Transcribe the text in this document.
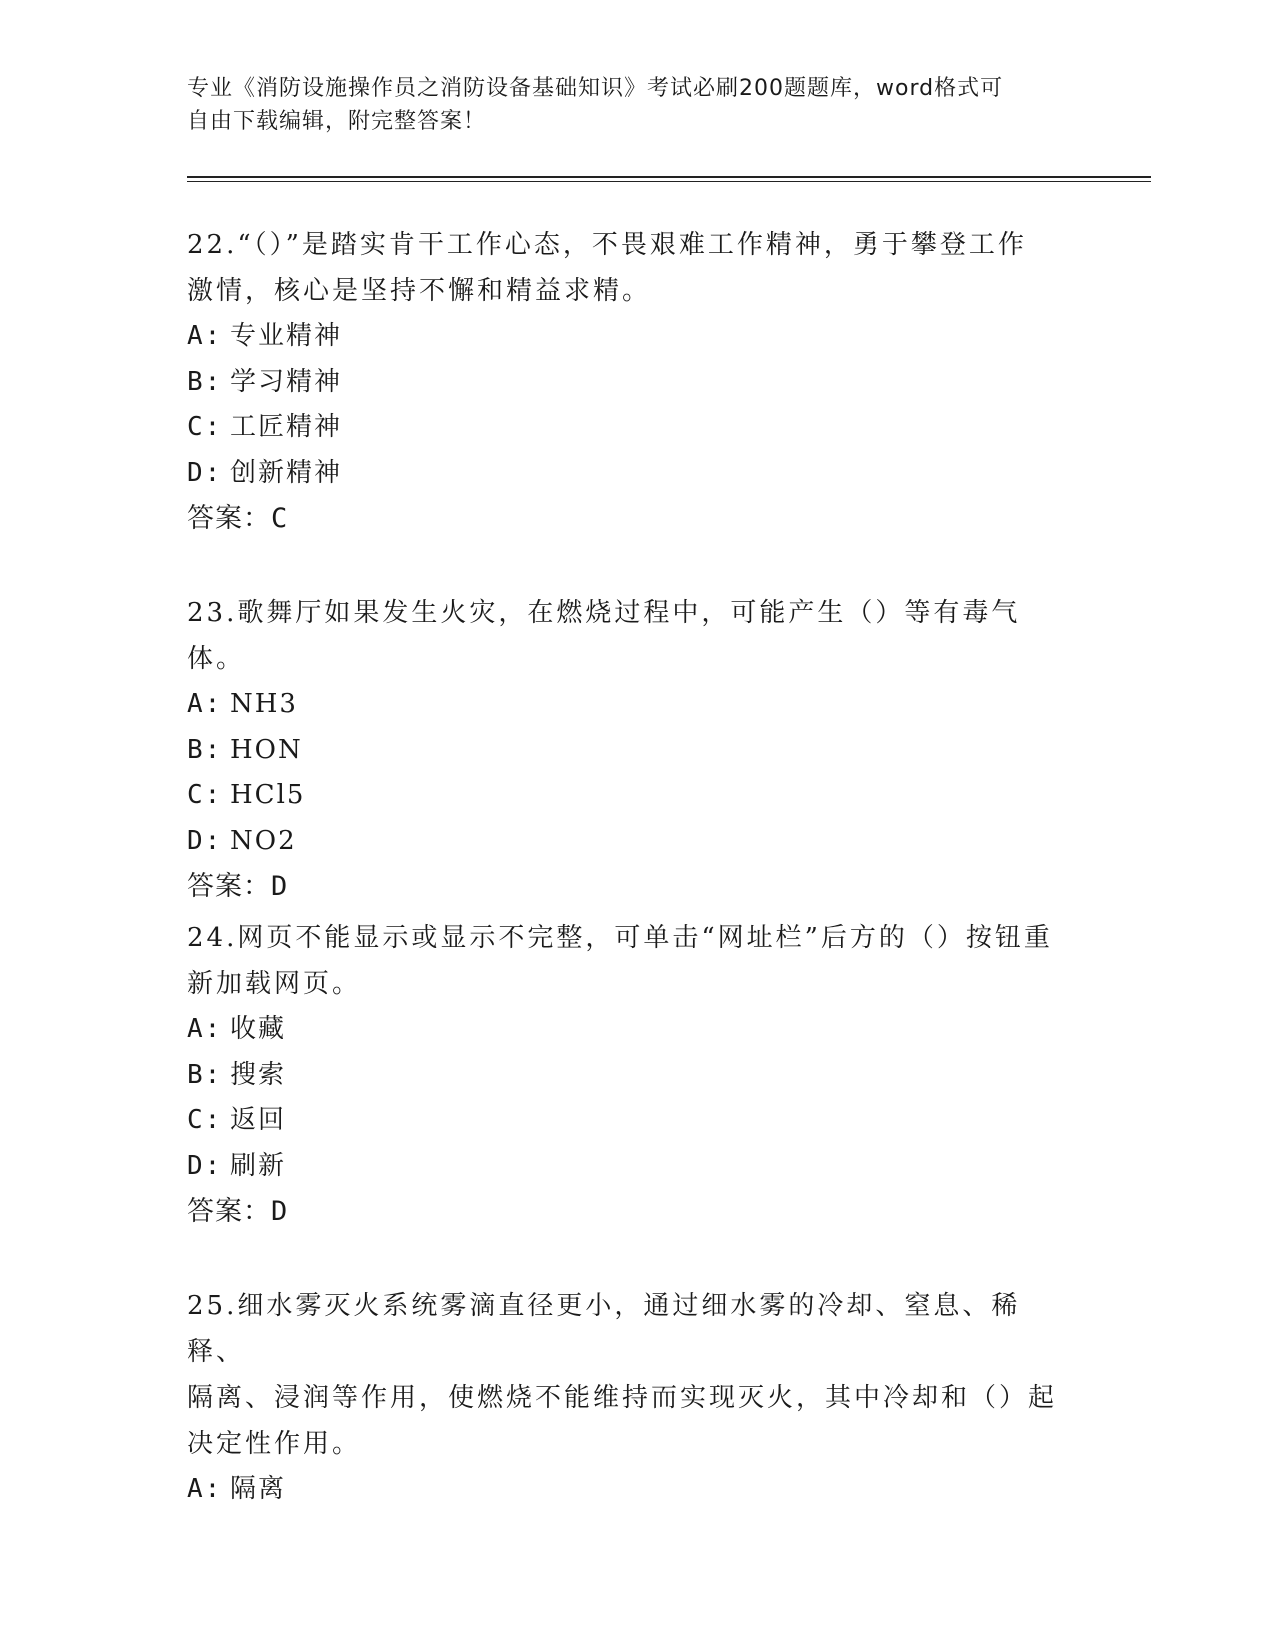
专业《消防设施操作员之消防设备基础知识》考试必刷200题题库，word格式可
自由下载编辑，附完整答案！

22.“（）”是踏实肯干工作心态，不畏艰难工作精神，勇于攀登工作

激情，核心是坚持不懈和精益求精。

A: 专业精神

B: 学习精神

C: 工匠精神

D: 创新精神

答案：C

23.歌舞厅如果发生火灾，在燃烧过程中，可能产生（）等有毒气体。

A: NH3

B: HON

C: HCl5

D: NO2

答案：D

24.网页不能显示或显示不完整，可单击“网址栏”后方的（）按钮重

新加载网页。

A: 收藏

B: 搜索

C: 返回

D: 刷新

答案：D

25.细水雾灭火系统雾滴直径更小，通过细水雾的冷却、窒息、稀释、

隔离、浸润等作用，使燃烧不能维持而实现灭火，其中冷却和（）起

决定性作用。

A: 隔离
